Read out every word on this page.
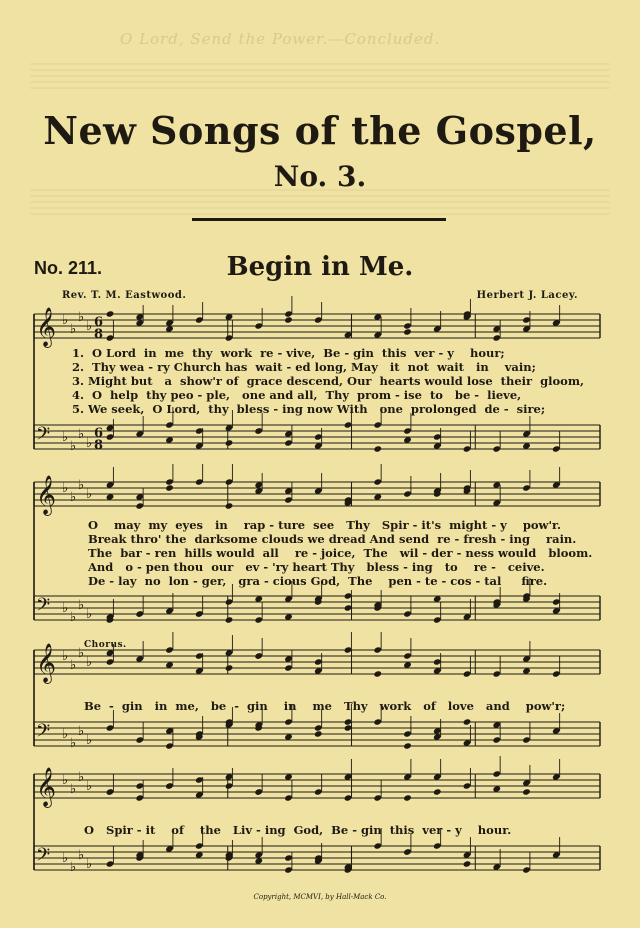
O Lord, Send the Power.—Concluded.
New Songs of the Gospel,
No. 3.
No. 211.	Begin in Me.
Rev. T. M. Eastwood.	Herbert J. Lacey.
𝄞 ♭
♭
♭
♭
𝄢 ♭
♭
♭
♭
6
8
6
8
𝄞 ♭
♭
♭
♭
𝄢 ♭
♭
♭
♭
𝄞 ♭
♭
♭
♭
𝄢 ♭
♭
♭
♭
𝄞 ♭
♭
♭
♭
𝄢 ♭
♭
♭
♭
1.  O Lord  in  me  thy  work  re - vive,  Be - gin  this  ver - y    hour;
2.  Thy wea - ry Church has  wait - ed long, May   it  not  wait   in    vain;
3. Might but   a  show'r of  grace descend, Our  hearts would lose  their  gloom,
4.  O  help  thy peo - ple,   one and all,  Thy  prom - ise  to   be -  lieve,
5. We seek,  O Lord,  thy  bless - ing now With   one  prolonged  de -  sire;
O    may  my  eyes   in    rap - ture  see   Thy   Spir - it's  might - y    pow'r.
Break thro' the  darksome clouds we dread And send  re - fresh - ing    rain.
The  bar - ren  hills would  all    re - joice,  The   wil - der - ness would   bloom.
And   o - pen thou  our   ev - 'ry heart Thy   bless - ing   to    re -   ceive.
De - lay  no  lon - ger,   gra - cious God,  The    pen - te - cos - tal     fire.
Chorus.
Be  -  gin   in  me,   be  -  gin    in    me   Thy   work   of   love   and    pow'r;
O   Spir - it    of    the   Liv - ing  God,  Be - gin  this  ver - y    hour.
Copyright, MCMVI, by Hall-Mack Co.
